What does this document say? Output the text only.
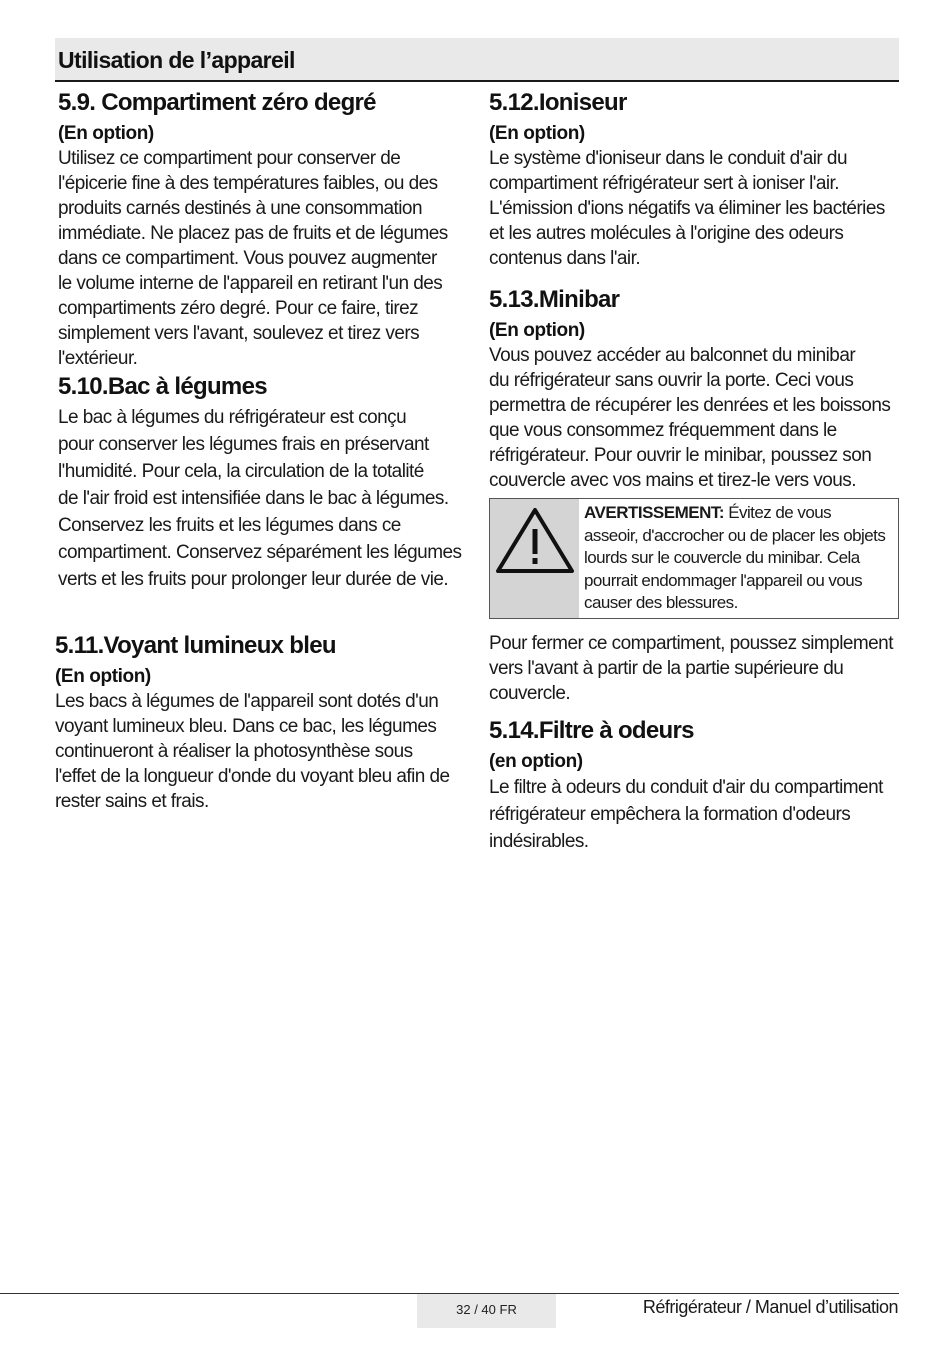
Utilisation de l’appareil
5.9. Compartiment zéro degré
(En option)

Utilisez ce compartiment pour conserver de
l'épicerie fine à des températures faibles, ou des
produits carnés destinés à une consommation
immédiate. Ne placez pas de fruits et de légumes
dans ce compartiment. Vous pouvez augmenter
le volume interne de l'appareil en retirant l'un des
compartiments zéro degré. Pour ce faire, tirez
simplement vers l'avant, soulevez et tirez vers
l'extérieur.

5.10.Bac à légumes

Le bac à légumes du réfrigérateur est conçu
pour conserver les légumes frais en préservant
l'humidité. Pour cela, la circulation de la totalité
de l'air froid est intensifiée dans le bac à légumes.
Conservez les fruits et les légumes dans ce
compartiment. Conservez séparément les légumes
verts et les fruits pour prolonger leur durée de vie.

5.11.Voyant lumineux bleu
(En option)

Les bacs à légumes de l'appareil sont dotés d'un
voyant lumineux bleu. Dans ce bac, les légumes
continueront à réaliser la photosynthèse sous
l'effet de la longueur d'onde du voyant bleu afin de
rester sains et frais.

5.12.Ioniseur
(En option)

Le système d'ioniseur dans le conduit d'air du
compartiment réfrigérateur sert à ioniser l'air.
L'émission d'ions négatifs va éliminer les bactéries
et les autres molécules à l'origine des odeurs
contenus dans l'air.

5.13.Minibar
(En option)

Vous pouvez accéder au balconnet du minibar
du réfrigérateur sans ouvrir la porte. Ceci vous
permettra de récupérer les denrées et les boissons
que vous consommez fréquemment dans le
réfrigérateur. Pour ouvrir le minibar, poussez son
couvercle avec vos mains et tirez-le vers vous.

AVERTISSEMENT: Évitez de vous
asseoir, d'accrocher ou de placer les objets
lourds sur le couvercle du minibar. Cela
pourrait endommager l'appareil ou vous
causer des blessures.

Pour fermer ce compartiment, poussez simplement
vers l'avant à partir de la partie supérieure du
couvercle.

5.14.Filtre à odeurs
(en option)

Le filtre à odeurs du conduit d'air du compartiment
réfrigérateur empêchera la formation d'odeurs
indésirables.

32 / 40 FR	Réfrigérateur / Manuel d’utilisation
